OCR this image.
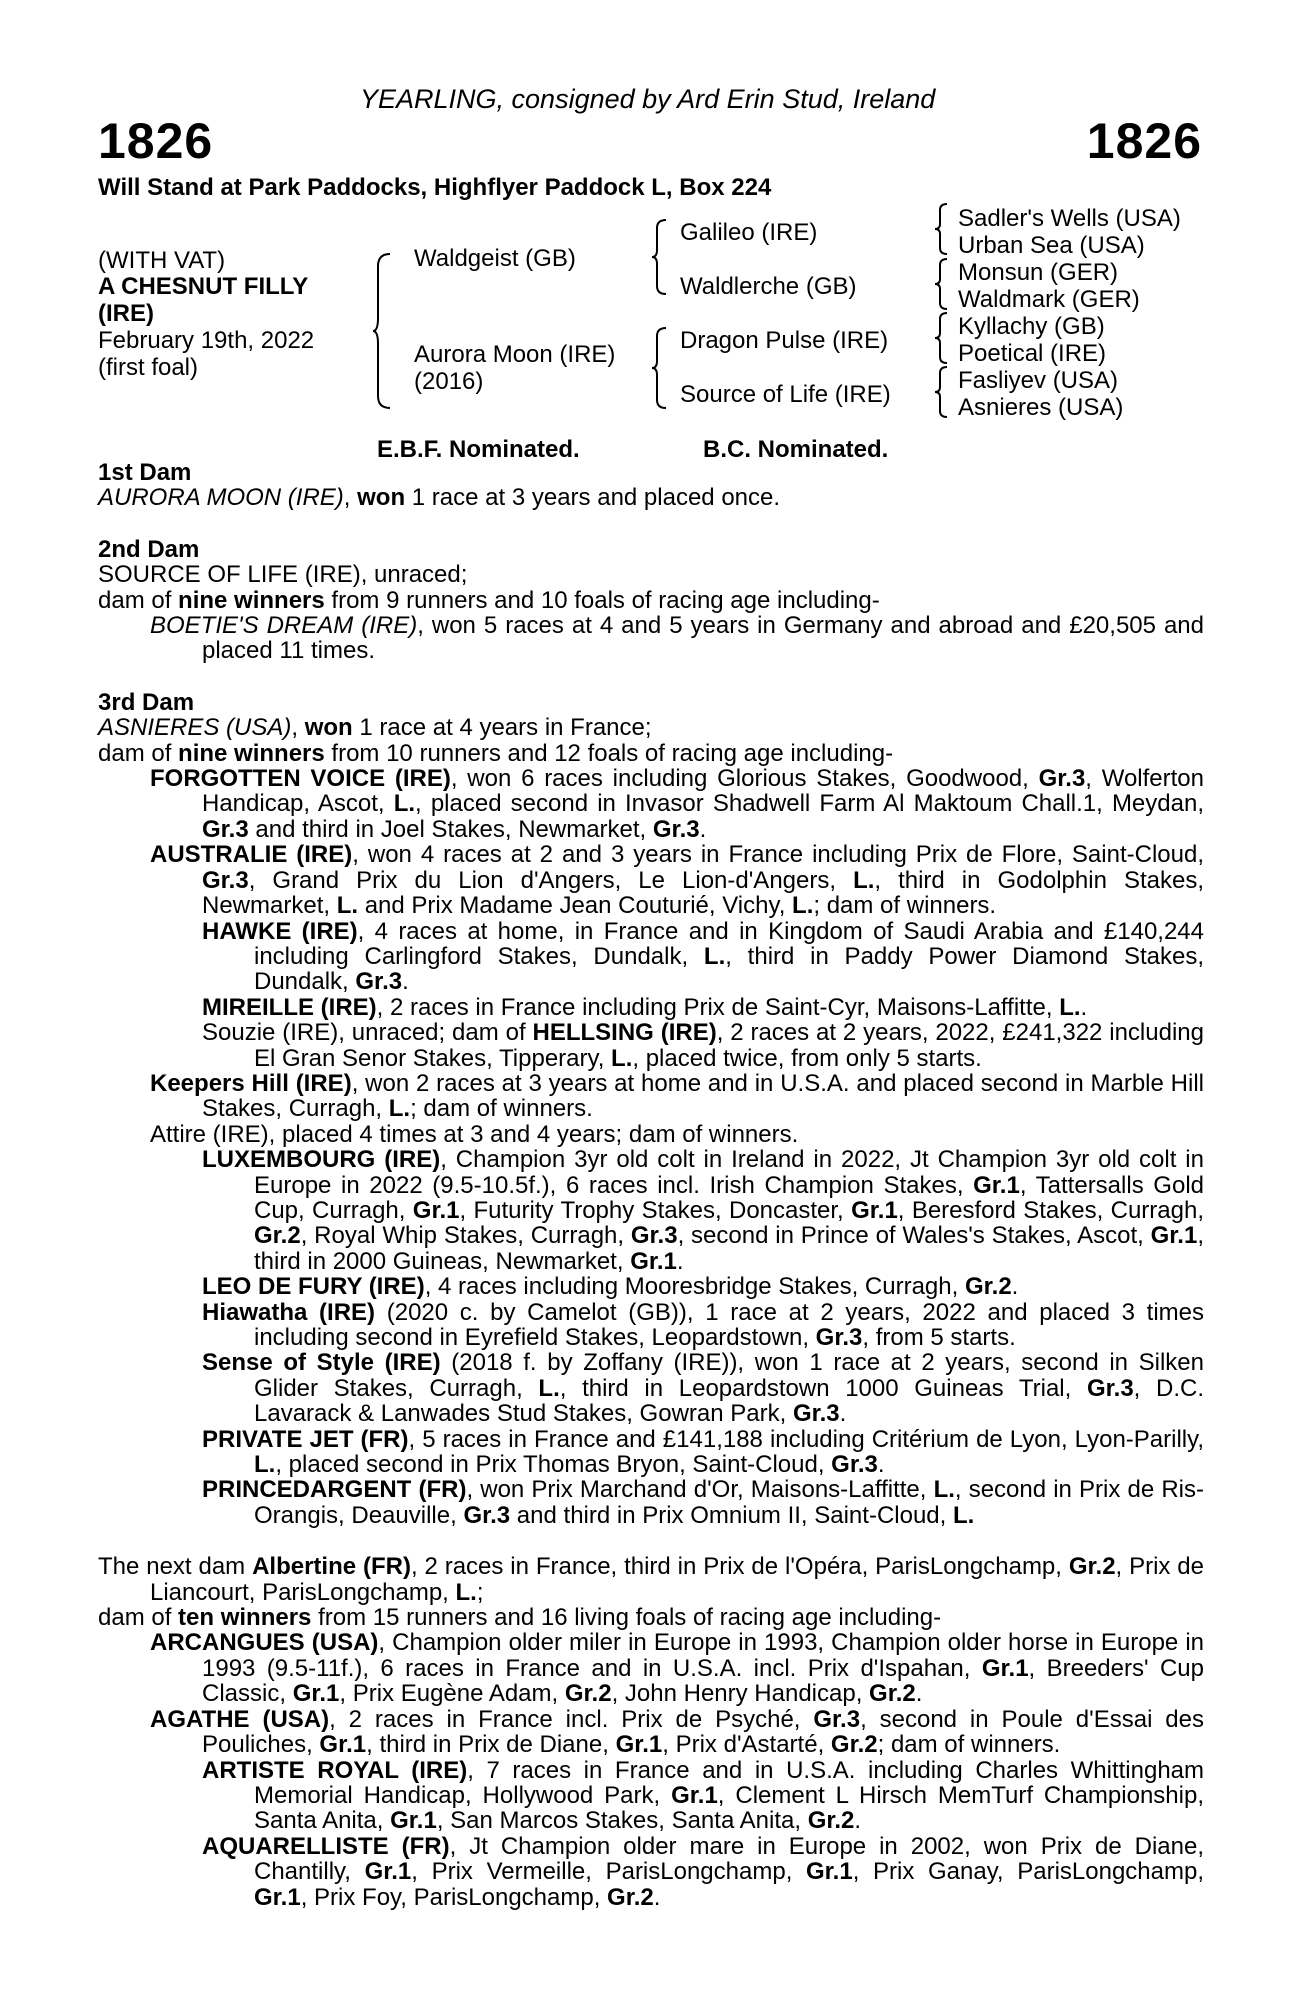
YEARLING, consigned by Ard Erin Stud, Ireland
1826	1826
Will Stand at Park Paddocks, Highflyer Paddock L, Box 224
(WITH VAT)
A CHESNUT FILLY
(IRE)
February 19th, 2022
(first foal)
Waldgeist (GB)
Aurora Moon (IRE)
(2016)
Galileo (IRE)
Waldlerche (GB)
Dragon Pulse (IRE)
Source of Life (IRE)
Sadler's Wells (USA)
Urban Sea (USA)
Monsun (GER)
Waldmark (GER)
Kyllachy (GB)
Poetical (IRE)
Fasliyev (USA)
Asnieres (USA)
E.B.F. Nominated.	B.C. Nominated.
1st Dam
AURORA MOON (IRE), won 1 race at 3 years and placed once.
2nd Dam
SOURCE OF LIFE (IRE), unraced;
dam of nine winners from 9 runners and 10 foals of racing age including-
BOETIE'S DREAM (IRE), won 5 races at 4 and 5 years in Germany and abroad and £20,505 and placed 11 times.
3rd Dam
ASNIERES (USA), won 1 race at 4 years in France;
dam of nine winners from 10 runners and 12 foals of racing age including-
FORGOTTEN VOICE (IRE), won 6 races including Glorious Stakes, Goodwood, Gr.3, Wolferton Handicap, Ascot, L., placed second in Invasor Shadwell Farm Al Maktoum Chall.1, Meydan, Gr.3 and third in Joel Stakes, Newmarket, Gr.3.
AUSTRALIE (IRE), won 4 races at 2 and 3 years in France including Prix de Flore, Saint-Cloud, Gr.3, Grand Prix du Lion d'Angers, Le Lion-d'Angers, L., third in Godolphin Stakes, Newmarket, L. and Prix Madame Jean Couturié, Vichy, L.; dam of winners.
HAWKE (IRE), 4 races at home, in France and in Kingdom of Saudi Arabia and £140,244 including Carlingford Stakes, Dundalk, L., third in Paddy Power Diamond Stakes, Dundalk, Gr.3.
MIREILLE (IRE), 2 races in France including Prix de Saint-Cyr, Maisons-Laffitte, L..
Souzie (IRE), unraced; dam of HELLSING (IRE), 2 races at 2 years, 2022, £241,322 including El Gran Senor Stakes, Tipperary, L., placed twice, from only 5 starts.
Keepers Hill (IRE), won 2 races at 3 years at home and in U.S.A. and placed second in Marble Hill Stakes, Curragh, L.; dam of winners.
Attire (IRE), placed 4 times at 3 and 4 years; dam of winners.
LUXEMBOURG (IRE), Champion 3yr old colt in Ireland in 2022, Jt Champion 3yr old colt in Europe in 2022 (9.5-10.5f.), 6 races incl. Irish Champion Stakes, Gr.1, Tattersalls Gold Cup, Curragh, Gr.1, Futurity Trophy Stakes, Doncaster, Gr.1, Beresford Stakes, Curragh, Gr.2, Royal Whip Stakes, Curragh, Gr.3, second in Prince of Wales's Stakes, Ascot, Gr.1, third in 2000 Guineas, Newmarket, Gr.1.
LEO DE FURY (IRE), 4 races including Mooresbridge Stakes, Curragh, Gr.2.
Hiawatha (IRE) (2020 c. by Camelot (GB)), 1 race at 2 years, 2022 and placed 3 times including second in Eyrefield Stakes, Leopardstown, Gr.3, from 5 starts.
Sense of Style (IRE) (2018 f. by Zoffany (IRE)), won 1 race at 2 years, second in Silken Glider Stakes, Curragh, L., third in Leopardstown 1000 Guineas Trial, Gr.3, D.C. Lavarack & Lanwades Stud Stakes, Gowran Park, Gr.3.
PRIVATE JET (FR), 5 races in France and £141,188 including Critérium de Lyon, Lyon-Parilly, L., placed second in Prix Thomas Bryon, Saint-Cloud, Gr.3.
PRINCEDARGENT (FR), won Prix Marchand d'Or, Maisons-Laffitte, L., second in Prix de Ris-Orangis, Deauville, Gr.3 and third in Prix Omnium II, Saint-Cloud, L.
The next dam Albertine (FR), 2 races in France, third in Prix de l'Opéra, ParisLongchamp, Gr.2, Prix de Liancourt, ParisLongchamp, L.;
dam of ten winners from 15 runners and 16 living foals of racing age including-
ARCANGUES (USA), Champion older miler in Europe in 1993, Champion older horse in Europe in 1993 (9.5-11f.), 6 races in France and in U.S.A. incl. Prix d'Ispahan, Gr.1, Breeders' Cup Classic, Gr.1, Prix Eugène Adam, Gr.2, John Henry Handicap, Gr.2.
AGATHE (USA), 2 races in France incl. Prix de Psyché, Gr.3, second in Poule d'Essai des Pouliches, Gr.1, third in Prix de Diane, Gr.1, Prix d'Astarté, Gr.2; dam of winners.
ARTISTE ROYAL (IRE), 7 races in France and in U.S.A. including Charles Whittingham Memorial Handicap, Hollywood Park, Gr.1, Clement L Hirsch MemTurf Championship, Santa Anita, Gr.1, San Marcos Stakes, Santa Anita, Gr.2.
AQUARELLISTE (FR), Jt Champion older mare in Europe in 2002, won Prix de Diane, Chantilly, Gr.1, Prix Vermeille, ParisLongchamp, Gr.1, Prix Ganay, ParisLongchamp, Gr.1, Prix Foy, ParisLongchamp, Gr.2.
